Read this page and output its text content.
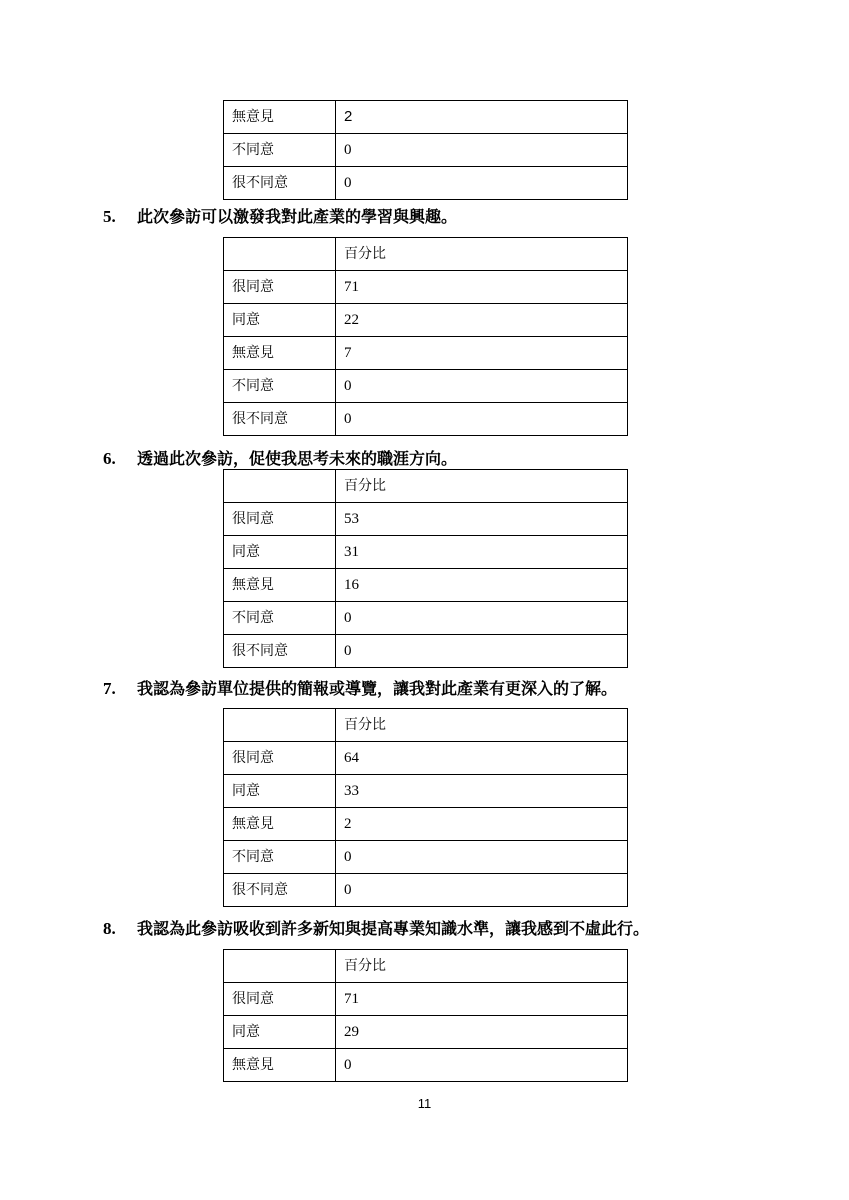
無意見	2
不同意	0
很不同意	0
5. 此次參訪可以激發我對此產業的學習與興趣。
	百分比
很同意	71
同意	22
無意見	7
不同意	0
很不同意	0
6. 透過此次參訪，促使我思考未來的職涯方向。
	百分比
很同意	53
同意	31
無意見	16
不同意	0
很不同意	0
7. 我認為參訪單位提供的簡報或導覽，讓我對此產業有更深入的了解。
	百分比
很同意	64
同意	33
無意見	2
不同意	0
很不同意	0
8. 我認為此參訪吸收到許多新知與提高專業知識水準，讓我感到不虛此行。
	百分比
很同意	71
同意	29
無意見	0
11
